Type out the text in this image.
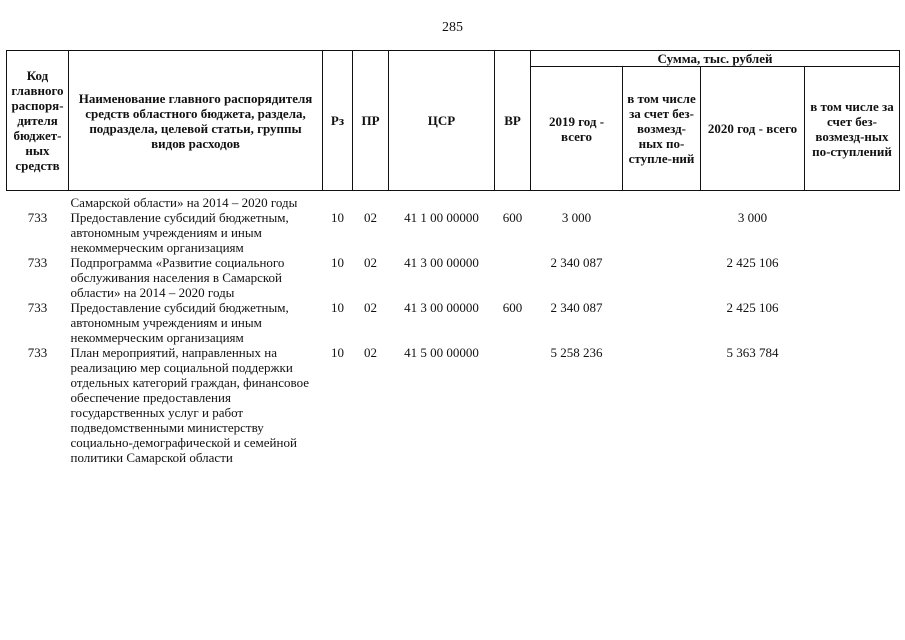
285
Код главного распоря-дителя бюджет-ных средств	Наименование главного распорядителя средств областного бюджета, раздела, подраздела, целевой статьи, группы видов расходов	Рз	ПР	ЦСР	ВР	Сумма, тыс. рублей			
						2019 год - всего	в том числе за счет без-возмезд-ных по-ступле-ний	2020 год - всего	в том числе за счет без-возмезд-ных по-ступлений
	Самарской области» на 2014 – 2020 годы								
733	Предоставление субсидий бюджетным, автономным учреждениям и иным некоммерческим организациям	10	02	41 1 00 00000	600	3 000		3 000	
733	Подпрограмма «Развитие социального обслуживания населения в Самарской области» на 2014 – 2020 годы	10	02	41 3 00 00000		2 340 087		2 425 106	
733	Предоставление субсидий бюджетным, автономным учреждениям и иным некоммерческим организациям	10	02	41 3 00 00000	600	2 340 087		2 425 106	
733	План мероприятий, направленных на реализацию мер социальной поддержки отдельных категорий граждан, финансовое обеспечение предоставления государственных услуг и работ подведомственными министерству социально-демографической и семейной политики Самарской области	10	02	41 5 00 00000		5 258 236		5 363 784	
